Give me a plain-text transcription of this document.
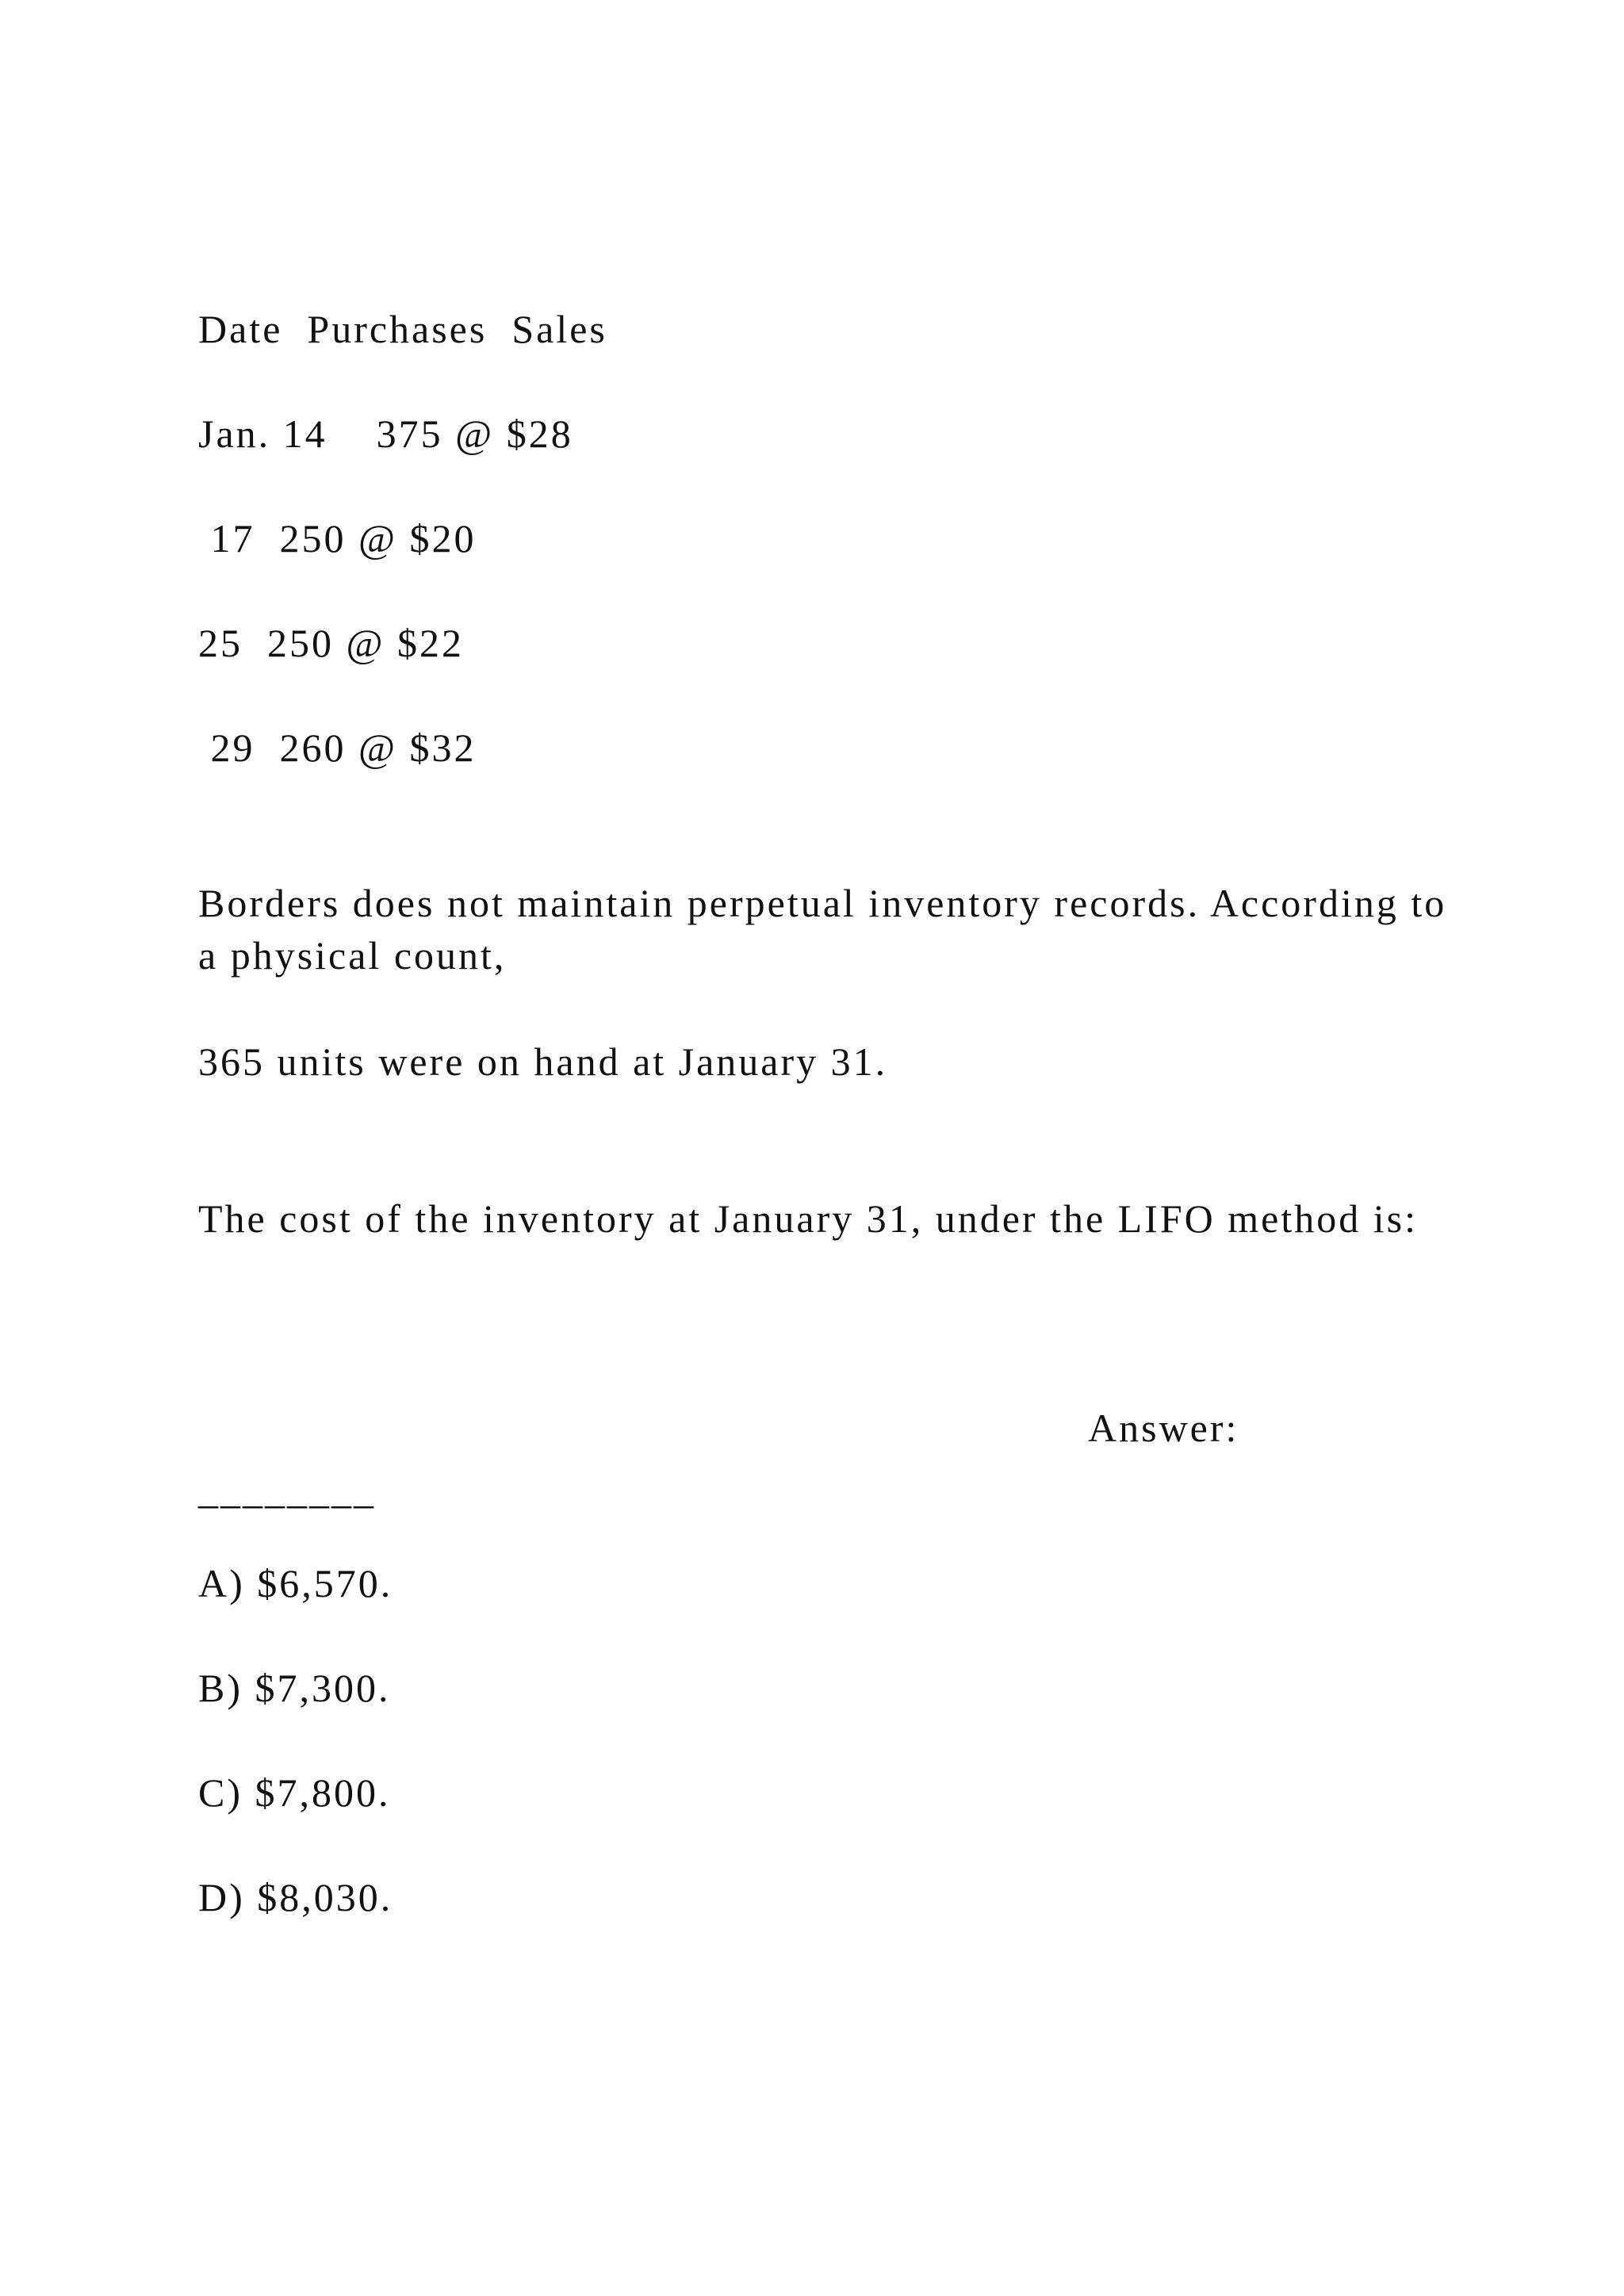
Date  Purchases  Sales

Jan. 14    375 @ $28

17  250 @ $20

25  250 @ $22

29  260 @ $32

Borders does not maintain perpetual inventory records. According to a physical count,

365 units were on hand at January 31.

The cost of the inventory at January 31, under the LIFO method is:

Answer:

________

A) $6,570.

B) $7,300.

C) $7,800.

D) $8,030.
